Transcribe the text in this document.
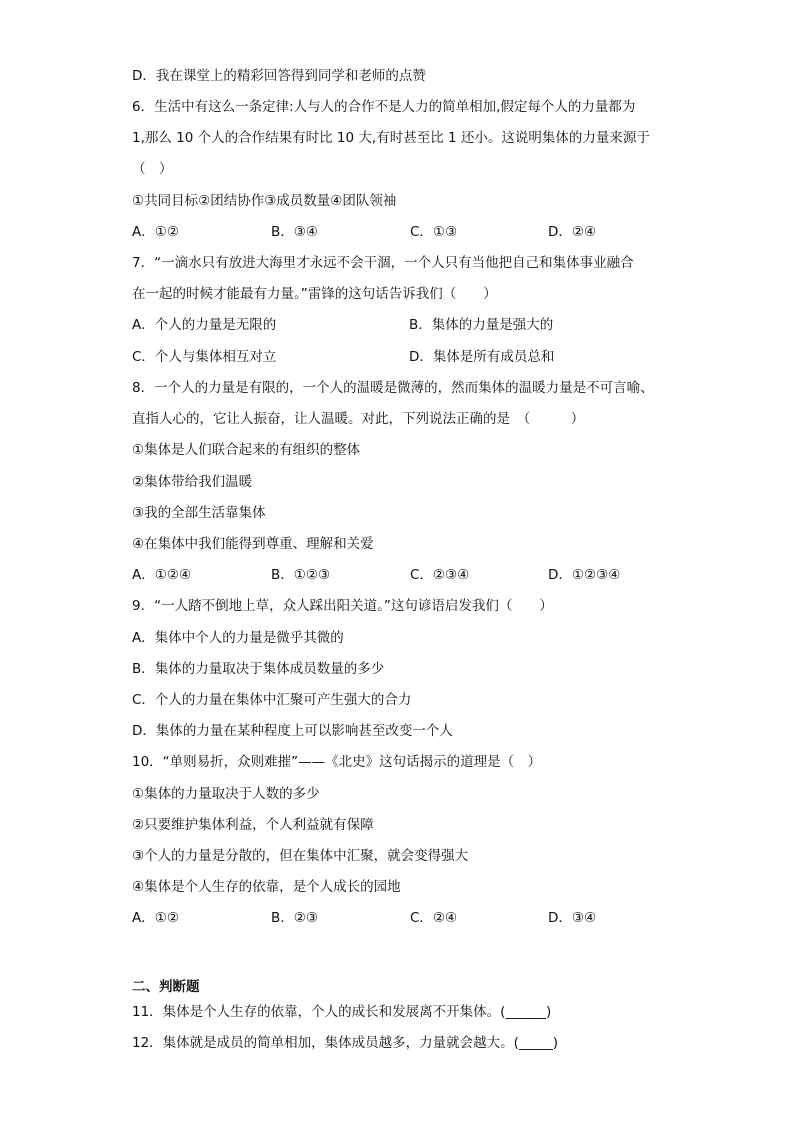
D．我在课堂上的精彩回答得到同学和老师的点赞
6．生活中有这么一条定律:人与人的合作不是人力的简单相加,假定每个人的力量都为
1,那么 10 个人的合作结果有时比 10 大,有时甚至比 1 还小。这说明集体的力量来源于
（　）
①共同目标②团结协作③成员数量④团队领袖
A．①②	B．③④	C．①③	D．②④
7．“一滴水只有放进大海里才永远不会干涸，一个人只有当他把自己和集体事业融合
在一起的时候才能最有力量。”雷锋的这句话告诉我们（　　）
A．个人的力量是无限的	B．集体的力量是强大的
C．个人与集体相互对立	D．集体是所有成员总和
8．一个人的力量是有限的，一个人的温暖是微薄的，然而集体的温暖力量是不可言喻、
直指人心的，它让人振奋，让人温暖。对此，下列说法正确的是　（　　　）
①集体是人们联合起来的有组织的整体
②集体带给我们温暖
③我的全部生活靠集体
④在集体中我们能得到尊重、理解和关爱
A．①②④	B．①②③	C．②③④	D．①②③④
9．“一人踏不倒地上草，众人踩出阳关道。”这句谚语启发我们（　　）
A．集体中个人的力量是微乎其微的
B．集体的力量取决于集体成员数量的多少
C．个人的力量在集体中汇聚可产生强大的合力
D．集体的力量在某种程度上可以影响甚至改变一个人
10．“单则易折，众则难摧”——《北史》这句话揭示的道理是（　）
①集体的力量取决于人数的多少
②只要维护集体利益，个人利益就有保障
③个人的力量是分散的，但在集体中汇聚，就会变得强大
④集体是个人生存的依靠，是个人成长的园地
A．①②	B．②③	C．②④	D．③④
二、判断题
11．集体是个人生存的依靠，个人的成长和发展离不开集体。(______)
12．集体就是成员的简单相加，集体成员越多，力量就会越大。(_____)
